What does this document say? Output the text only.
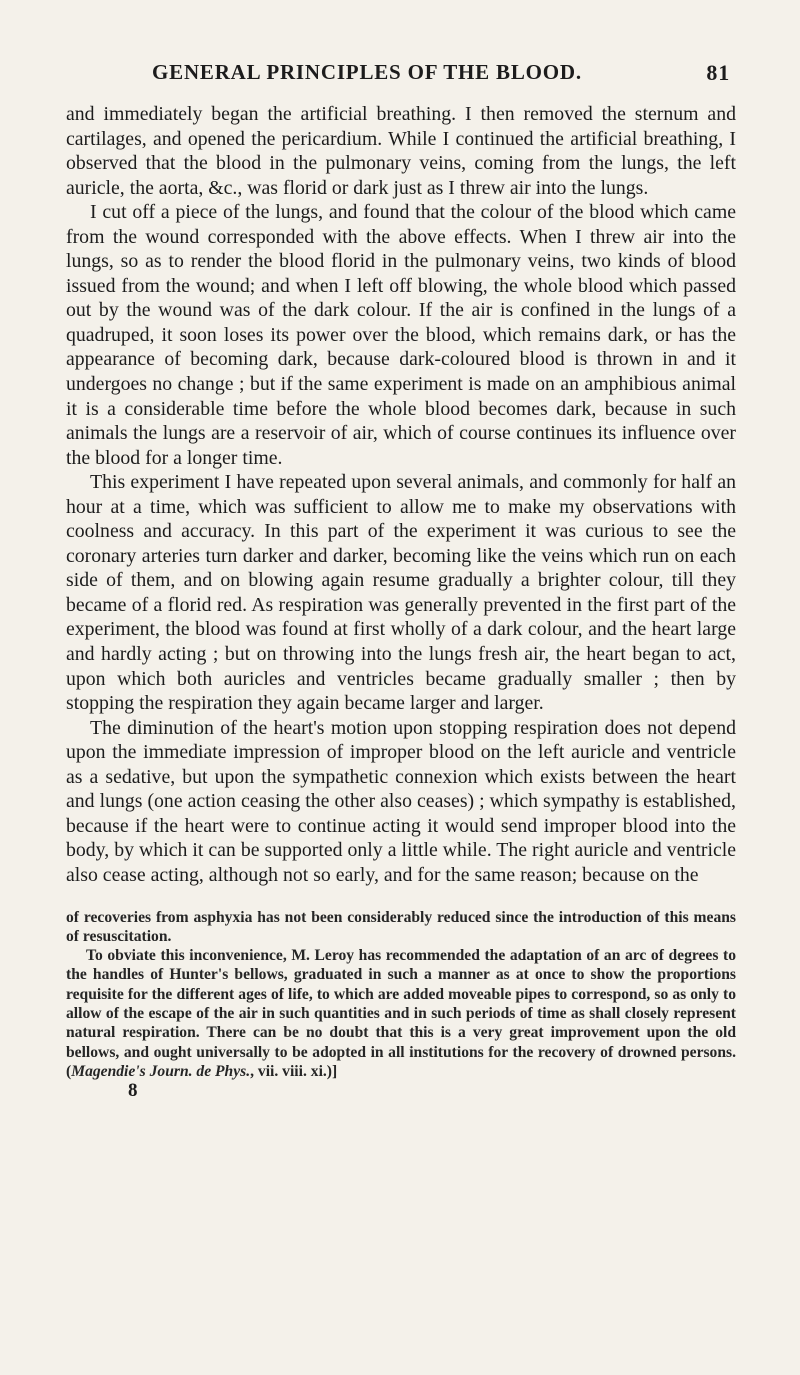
GENERAL PRINCIPLES OF THE BLOOD.	81

and immediately began the artificial breathing. I then removed the sternum and cartilages, and opened the pericardium. While I continued the artificial breathing, I observed that the blood in the pulmonary veins, coming from the lungs, the left auricle, the aorta, &c., was florid or dark just as I threw air into the lungs.

I cut off a piece of the lungs, and found that the colour of the blood which came from the wound corresponded with the above effects. When I threw air into the lungs, so as to render the blood florid in the pulmonary veins, two kinds of blood issued from the wound; and when I left off blowing, the whole blood which passed out by the wound was of the dark colour. If the air is confined in the lungs of a quadruped, it soon loses its power over the blood, which remains dark, or has the appearance of becoming dark, because dark-coloured blood is thrown in and it undergoes no change ; but if the same experiment is made on an amphibious animal it is a considerable time before the whole blood becomes dark, because in such animals the lungs are a reservoir of air, which of course continues its influence over the blood for a longer time.

This experiment I have repeated upon several animals, and commonly for half an hour at a time, which was sufficient to allow me to make my observations with coolness and accuracy. In this part of the experiment it was curious to see the coronary arteries turn darker and darker, becoming like the veins which run on each side of them, and on blowing again resume gradually a brighter colour, till they became of a florid red. As respiration was generally prevented in the first part of the experiment, the blood was found at first wholly of a dark colour, and the heart large and hardly acting ; but on throwing into the lungs fresh air, the heart began to act, upon which both auricles and ventricles became gradually smaller ; then by stopping the respiration they again became larger and larger.

The diminution of the heart's motion upon stopping respiration does not depend upon the immediate impression of improper blood on the left auricle and ventricle as a sedative, but upon the sympathetic connexion which exists between the heart and lungs (one action ceasing the other also ceases) ; which sympathy is established, because if the heart were to continue acting it would send improper blood into the body, by which it can be supported only a little while. The right auricle and ventricle also cease acting, although not so early, and for the same reason; because on the

of recoveries from asphyxia has not been considerably reduced since the introduction of this means of resuscitation.

To obviate this inconvenience, M. Leroy has recommended the adaptation of an arc of degrees to the handles of Hunter's bellows, graduated in such a manner as at once to show the proportions requisite for the different ages of life, to which are added moveable pipes to correspond, so as only to allow of the escape of the air in such quantities and in such periods of time as shall closely represent natural respiration. There can be no doubt that this is a very great improvement upon the old bellows, and ought universally to be adopted in all institutions for the recovery of drowned persons. (Magendie's Journ. de Phys., vii. viii. xi.)]

8
